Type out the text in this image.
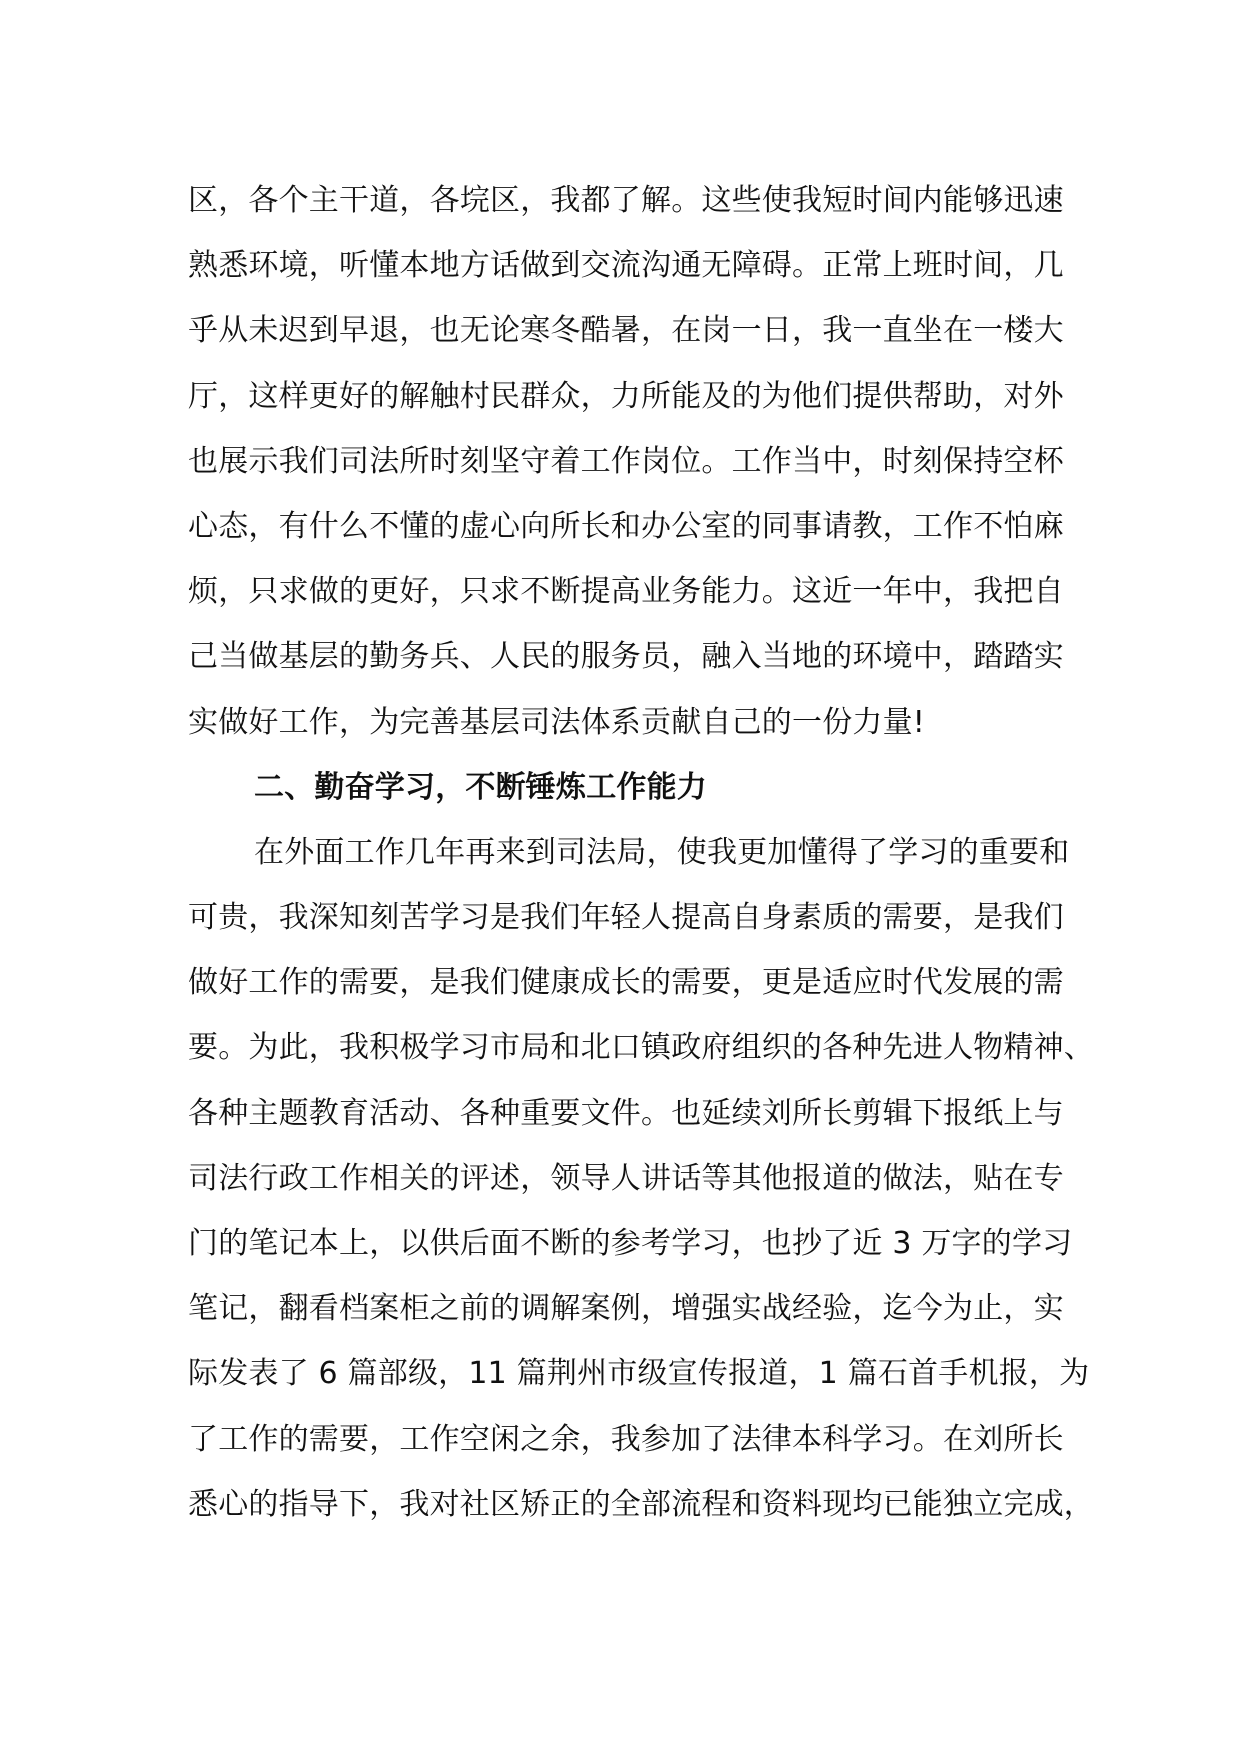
区，各个主干道，各垸区，我都了解。这些使我短时间内能够迅速
熟悉环境，听懂本地方话做到交流沟通无障碍。正常上班时间，几
乎从未迟到早退，也无论寒冬酷暑，在岗一日，我一直坐在一楼大
厅，这样更好的解触村民群众，力所能及的为他们提供帮助，对外
也展示我们司法所时刻坚守着工作岗位。工作当中，时刻保持空杯
心态，有什么不懂的虚心向所长和办公室的同事请教，工作不怕麻
烦，只求做的更好，只求不断提高业务能力。这近一年中，我把自
己当做基层的勤务兵、人民的服务员，融入当地的环境中，踏踏实
实做好工作，为完善基层司法体系贡献自己的一份力量!
二、勤奋学习，不断锤炼工作能力
在外面工作几年再来到司法局，使我更加懂得了学习的重要和
可贵，我深知刻苦学习是我们年轻人提高自身素质的需要，是我们
做好工作的需要，是我们健康成长的需要，更是适应时代发展的需
要。为此，我积极学习市局和北口镇政府组织的各种先进人物精神、
各种主题教育活动、各种重要文件。也延续刘所长剪辑下报纸上与
司法行政工作相关的评述，领导人讲话等其他报道的做法，贴在专
门的笔记本上，以供后面不断的参考学习，也抄了近 3 万字的学习
笔记，翻看档案柜之前的调解案例，增强实战经验，迄今为止，实
际发表了 6 篇部级，11 篇荆州市级宣传报道，1 篇石首手机报，为
了工作的需要，工作空闲之余，我参加了法律本科学习。在刘所长
悉心的指导下，我对社区矫正的全部流程和资料现均已能独立完成，
